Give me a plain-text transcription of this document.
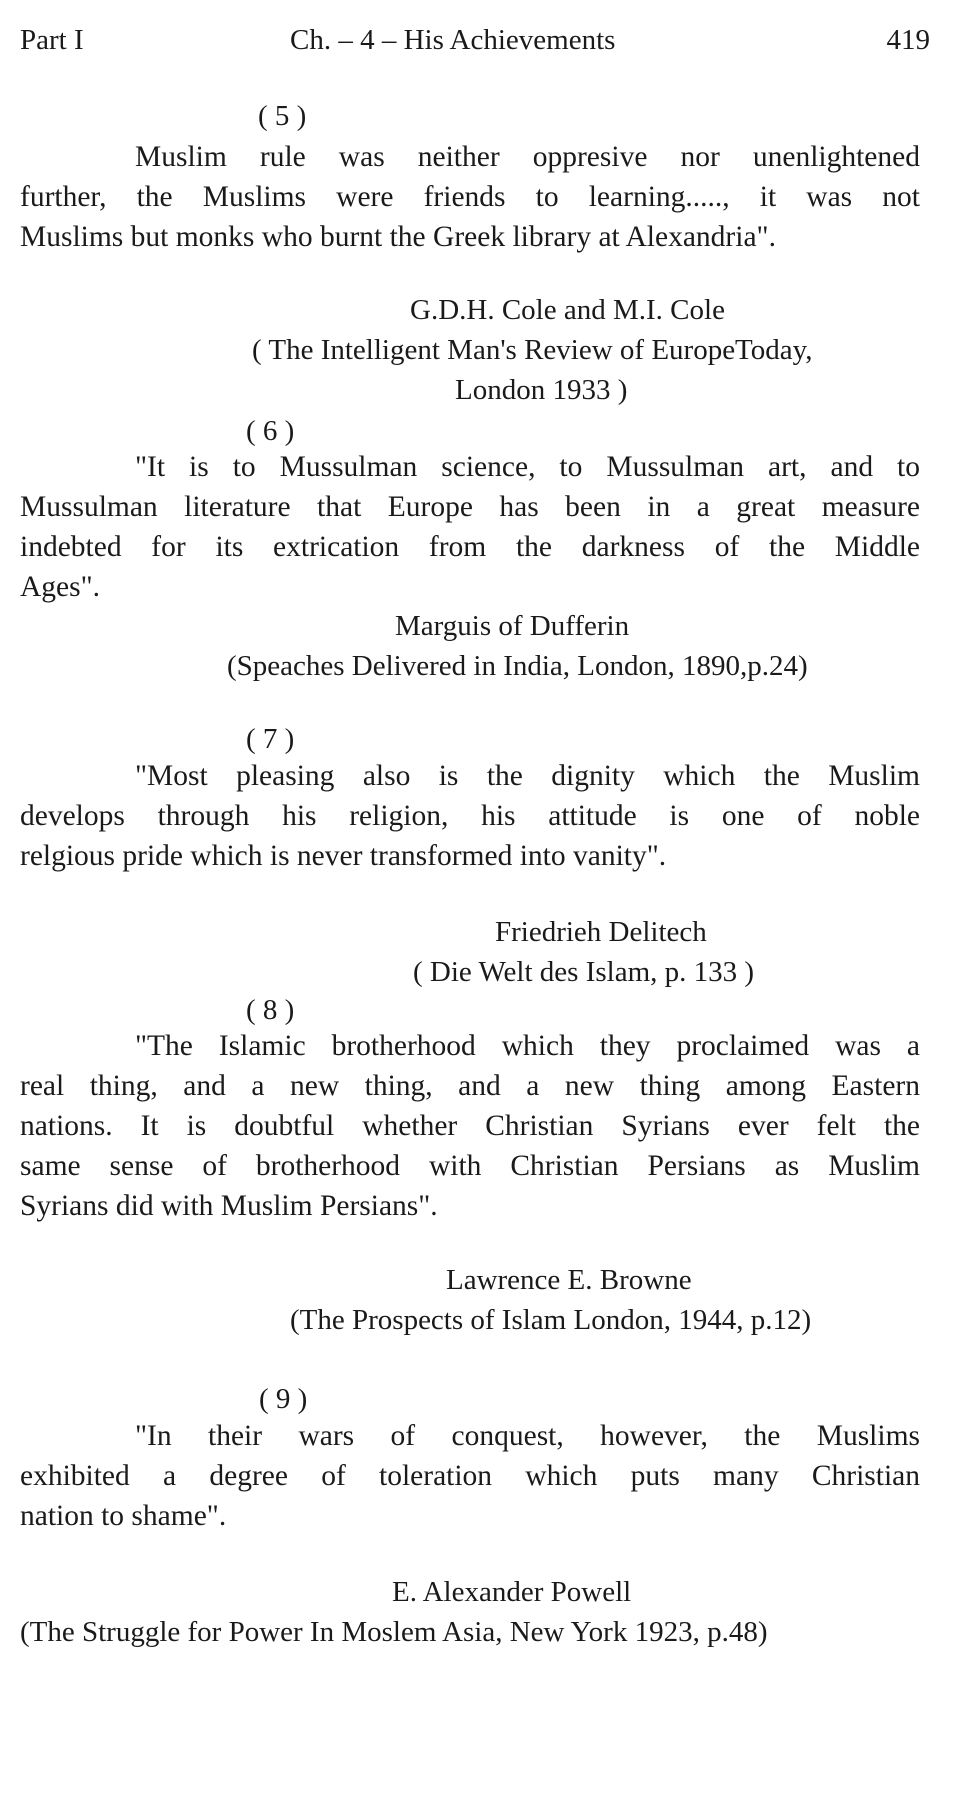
Part I	Ch. – 4 – His Achievements	419
( 5 )
Muslim rule was neither oppresive nor unenlightened
further, the Muslims were friends to learning....., it was not
Muslims but monks who burnt the Greek library at Alexandria".
G.D.H. Cole and M.I. Cole
( The Intelligent Man's Review of EuropeToday,
London 1933 )
( 6 )
"It is to Mussulman science, to Mussulman art, and to
Mussulman literature that Europe has been in a great measure
indebted for its extrication from the darkness of the Middle
Ages".
Marguis of Dufferin
(Speaches Delivered in India, London, 1890,p.24)
( 7 )
"Most pleasing also is the dignity which the Muslim
develops through his religion, his attitude is one of noble
relgious pride which is never transformed into vanity".
Friedrieh Delitech
( Die Welt des Islam, p. 133 )
( 8 )
"The Islamic brotherhood which they proclaimed was a
real thing, and a new thing, and a new thing among Eastern
nations. It is doubtful whether Christian Syrians ever felt the
same sense of brotherhood with Christian Persians as Muslim
Syrians did with Muslim Persians".
Lawrence E. Browne
(The Prospects of Islam London, 1944, p.12)
( 9 )
"In their wars of conquest, however, the Muslims
exhibited a degree of toleration which puts many Christian
nation to shame".
E. Alexander Powell
(The Struggle for Power In Moslem Asia, New York 1923, p.48)
